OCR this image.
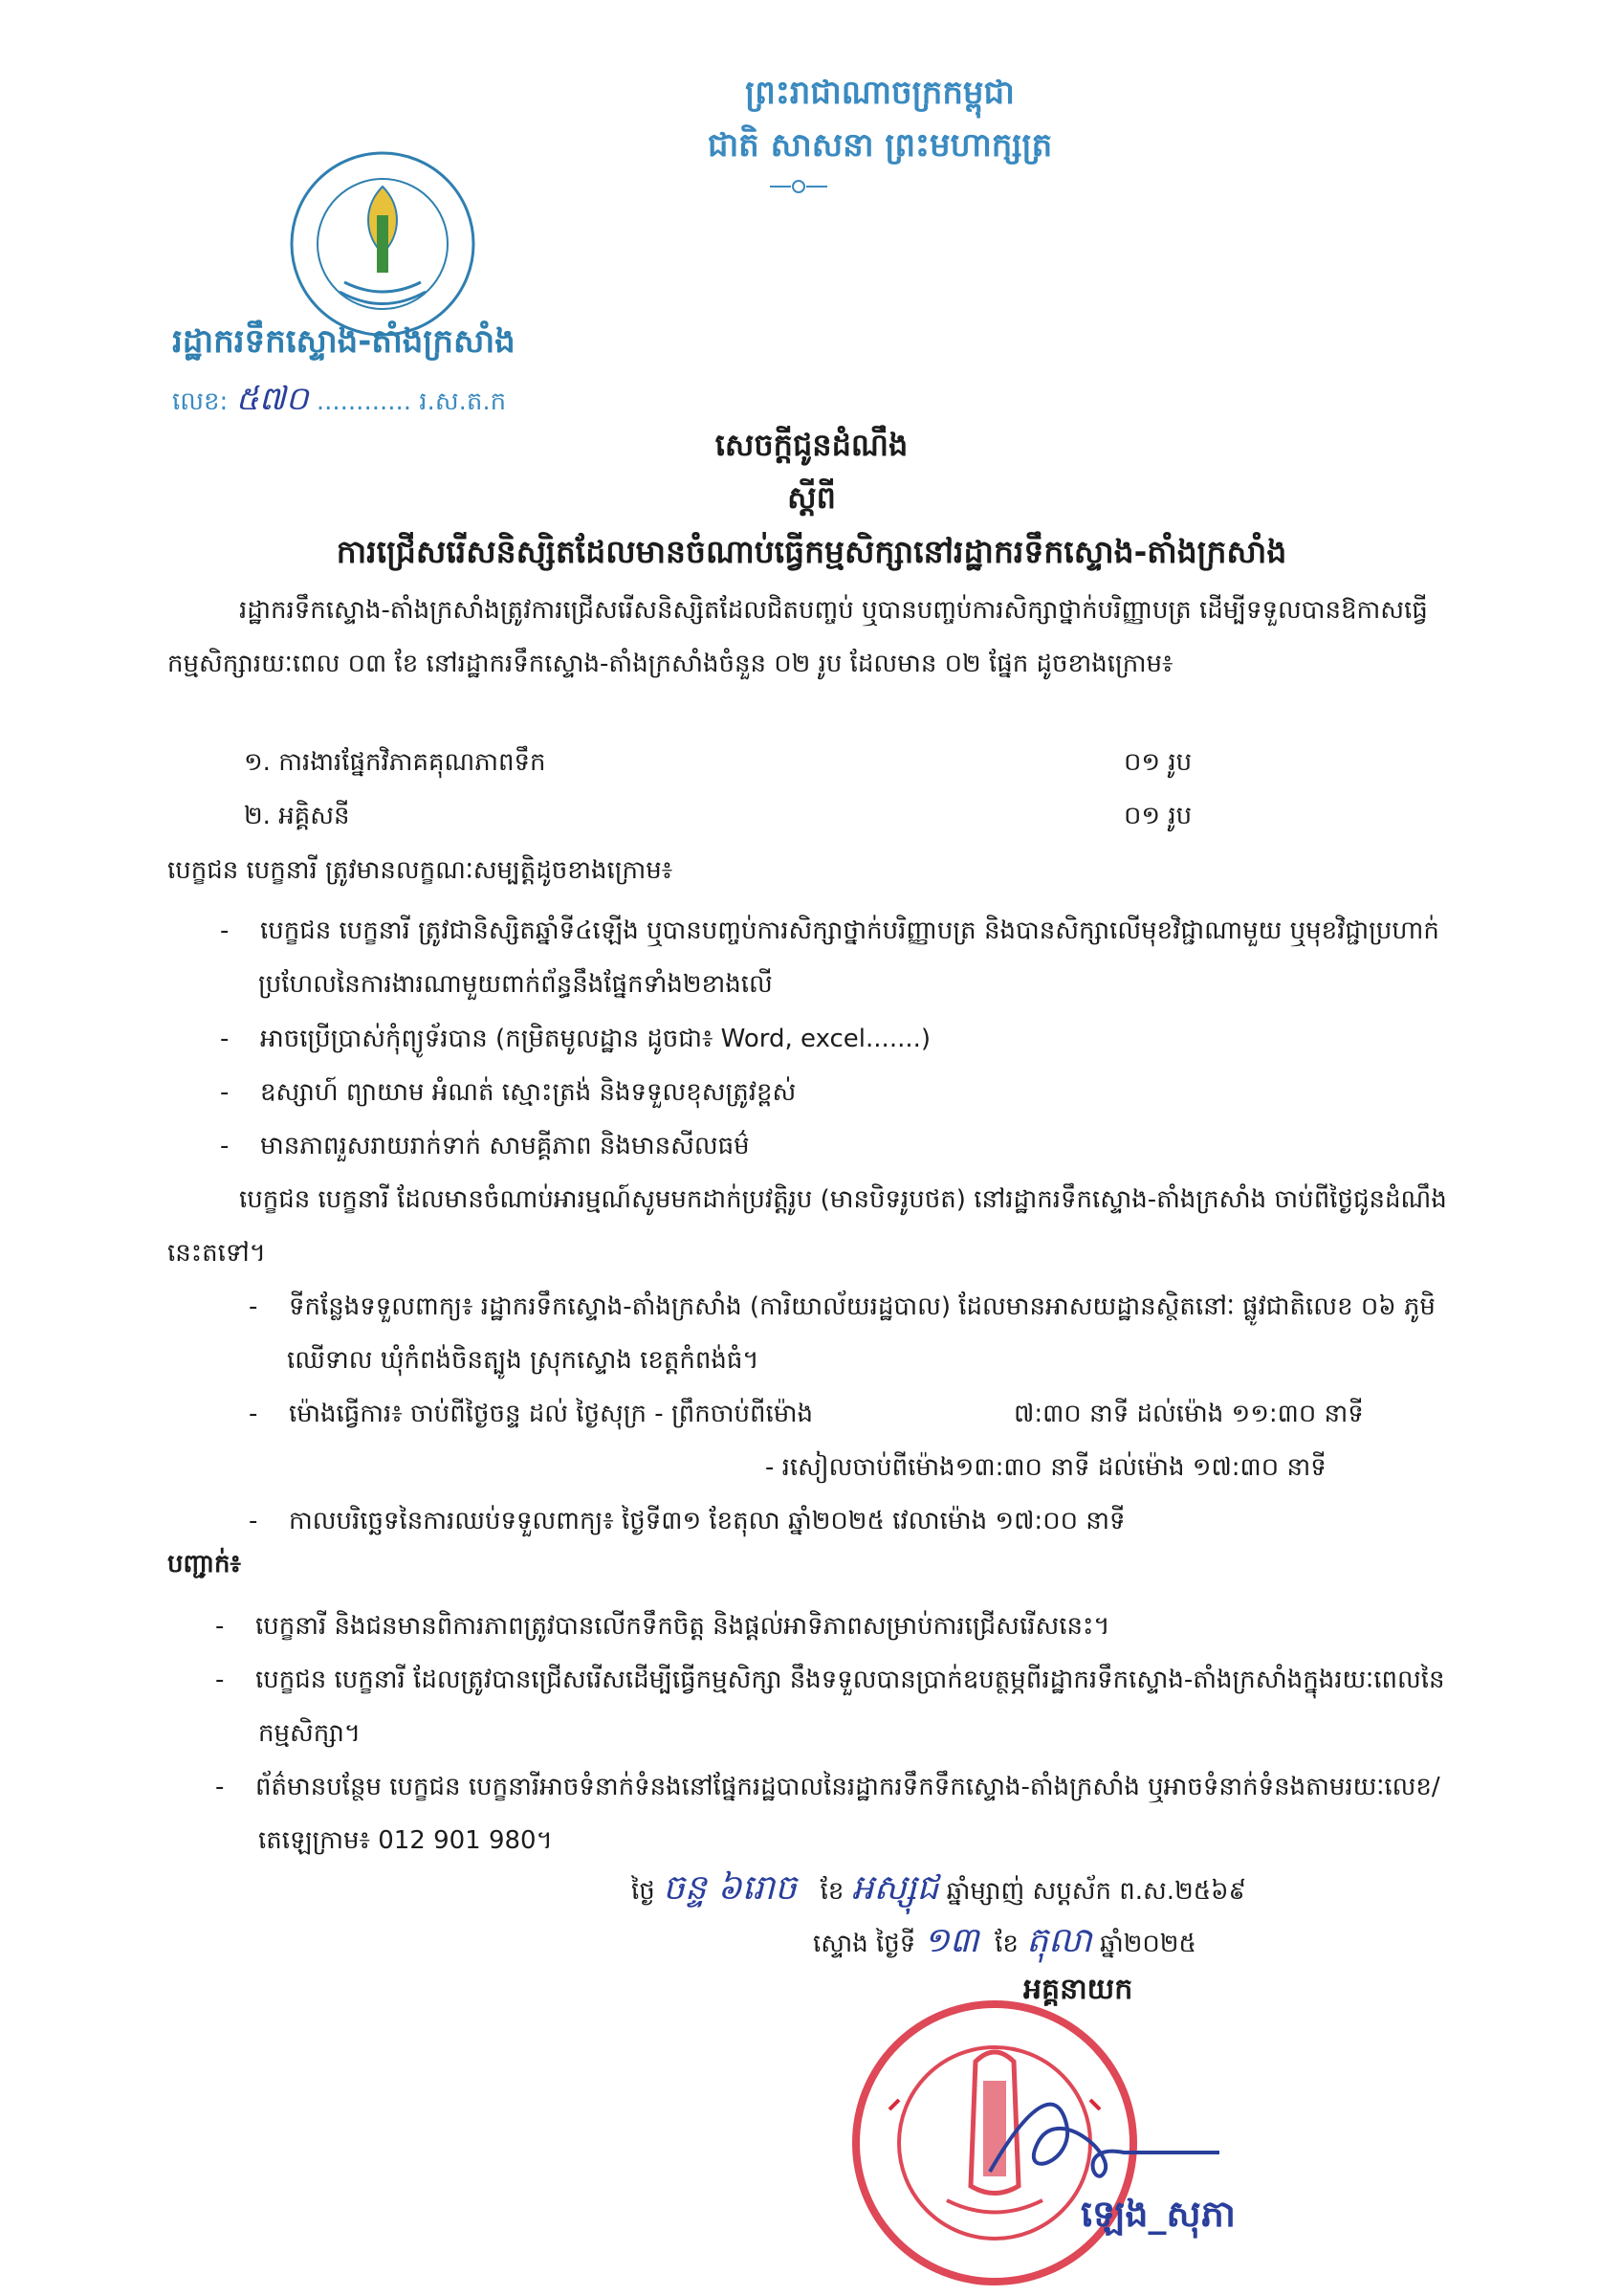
ព្រះរាជាណាចក្រកម្ពុជា
ជាតិ សាសនា ព្រះមហាក្សត្រ
រដ្ឋាករទឹកស្ទោង-តាំងក្រសាំង
លេខ: ៥៧០ ............ រ.ស.ត.ក
សេចក្តីជូនដំណឹង
ស្តីពី
ការជ្រើសរើសនិស្សិតដែលមានចំណាប់ធ្វើកម្មសិក្សានៅរដ្ឋាករទឹកស្ទោង-តាំងក្រសាំង
រដ្ឋាករទឹកស្ទោង-តាំងក្រសាំងត្រូវការជ្រើសរើសនិស្សិតដែលជិតបញ្ចប់ ឬបានបញ្ចប់ការសិក្សាថ្នាក់បរិញ្ញាបត្រ ដើម្បីទទួលបានឱកាសធ្វើកម្មសិក្សារយៈពេល ០៣ ខែ នៅរដ្ឋាករទឹកស្ទោង-តាំងក្រសាំងចំនួន ០២ រូប ដែលមាន ០២ ផ្នែក ដូចខាងក្រោម៖
១. ការងារផ្នែកវិភាគគុណភាពទឹក	០១ រូប
២. អគ្គិសនី	០១ រូប
បេក្ខជន បេក្ខនារី ត្រូវមានលក្ខណៈសម្បត្តិដូចខាងក្រោម៖
- បេក្ខជន បេក្ខនារី ត្រូវជានិស្សិតឆ្នាំទី៤ឡើង ឬបានបញ្ចប់ការសិក្សាថ្នាក់បរិញ្ញាបត្រ និងបានសិក្សាលើមុខវិជ្ជាណាមួយ ឬមុខវិជ្ជាប្រហាក់ប្រហែលនៃការងារណាមួយពាក់ព័ន្ធនឹងផ្នែកទាំង២ខាងលើ
- អាចប្រើប្រាស់កុំព្យូទ័របាន (កម្រិតមូលដ្ឋាន ដូចជា៖ Word, excel.......)
- ឧស្សាហ៍ ព្យាយាម អំណត់ ស្មោះត្រង់ និងទទួលខុសត្រូវខ្ពស់
- មានភាពរួសរាយរាក់ទាក់ សាមគ្គីភាព និងមានសីលធម៌
បេក្ខជន បេក្ខនារី ដែលមានចំណាប់អារម្មណ៍សូមមកដាក់ប្រវត្តិរូប (មានបិទរូបថត) នៅរដ្ឋាករទឹកស្ទោង-តាំងក្រសាំង ចាប់ពីថ្ងៃជូនដំណឹងនេះតទៅ។
- ទីកន្លែងទទួលពាក្យ៖ រដ្ឋាករទឹកស្ទោង-តាំងក្រសាំង (ការិយាល័យរដ្ឋបាល) ដែលមានអាសយដ្ឋានស្ថិតនៅៈ ផ្លូវជាតិលេខ ០៦ ភូមិឈើទាល ឃុំកំពង់ចិនត្បូង ស្រុកស្ទោង ខេត្តកំពង់ធំ។
- ម៉ោងធ្វើការ៖ ចាប់ពីថ្ងៃចន្ទ ដល់ ថ្ងៃសុក្រ - ព្រឹកចាប់ពីម៉ោង	៧:៣០ នាទី ដល់ម៉ោង ១១:៣០ នាទី
- រសៀលចាប់ពីម៉ោង១៣:៣០ នាទី ដល់ម៉ោង ១៧:៣០ នាទី
- កាលបរិច្ឆេទនៃការឈប់ទទួលពាក្យ៖ ថ្ងៃទី៣១ ខែតុលា ឆ្នាំ២០២៥ វេលាម៉ោង ១៧:០០ នាទី
បញ្ជាក់៖
- បេក្ខនារី និងជនមានពិការភាពត្រូវបានលើកទឹកចិត្ត និងផ្តល់អាទិភាពសម្រាប់ការជ្រើសរើសនេះ។
- បេក្ខជន បេក្ខនារី ដែលត្រូវបានជ្រើសរើសដើម្បីធ្វើកម្មសិក្សា នឹងទទួលបានប្រាក់ឧបត្ថម្ភពីរដ្ឋាករទឹកស្ទោង-តាំងក្រសាំងក្នុងរយៈពេលនៃកម្មសិក្សា។
- ព័ត៌មានបន្ថែម បេក្ខជន បេក្ខនារីអាចទំនាក់ទំនងនៅផ្នែករដ្ឋបាលនៃរដ្ឋាករទឹកទឹកស្ទោង-តាំងក្រសាំង ឬអាចទំនាក់ទំនងតាមរយៈលេខ/តេឡេក្រាម៖ 012 901 980។
ថ្ងៃ ចន្ទ ៦រោច ខែ អស្សុជ ឆ្នាំម្សាញ់ សប្តស័ក ព.ស.២៥៦៩
ស្ទោង ថ្ងៃទី ១៣ ខែ តុលា ឆ្នាំ២០២៥
អគ្គនាយក
ឡេង_សុភា
